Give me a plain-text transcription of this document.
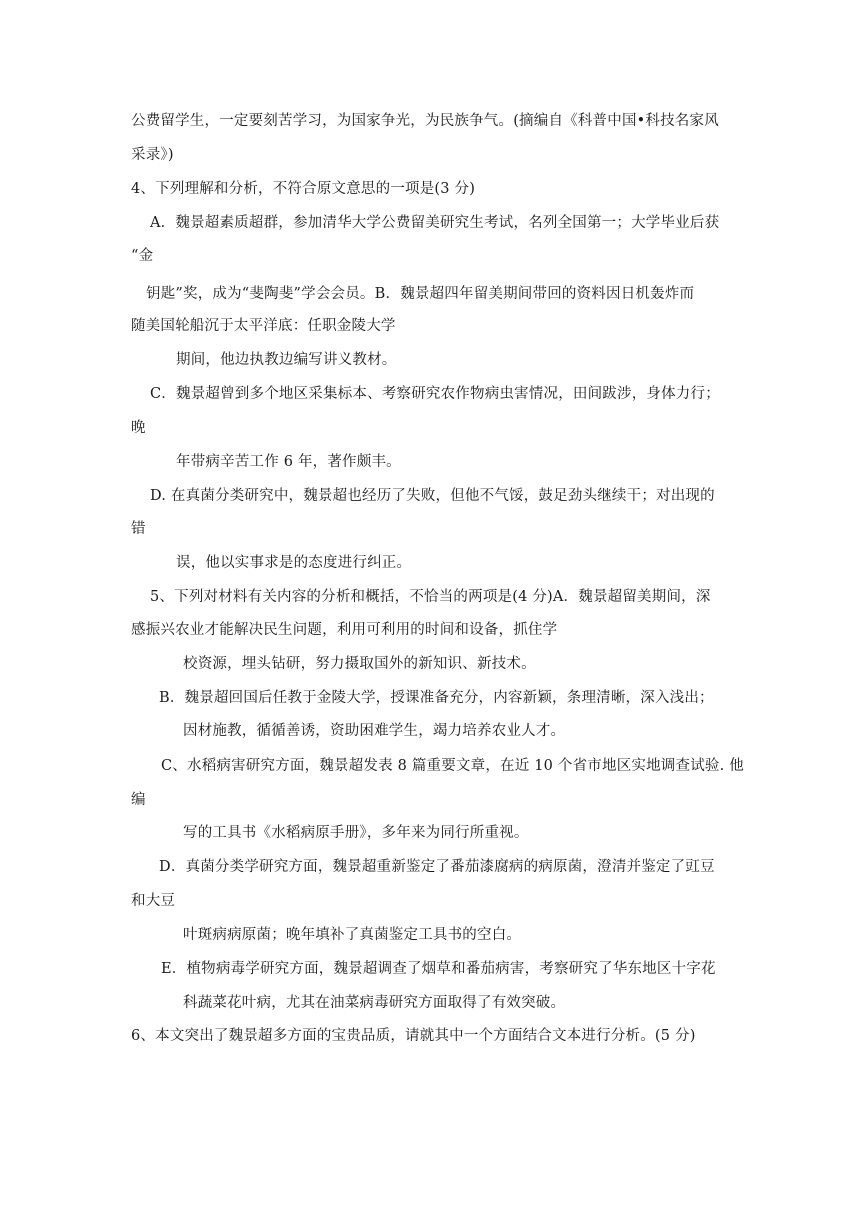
公费留学生，一定要刻苦学习，为国家争光，为民族争气。(摘编自《科普中国•科技名家风
采录》)
4、下列理解和分析，不符合原文意思的一项是(3 分)
A．魏景超素质超群，参加清华大学公费留美研究生考试，名列全国第一；大学毕业后获
“金
钥匙”奖，成为“斐陶斐”学会会员。B．魏景超四年留美期间带回的资料因日机轰炸而
随美国轮船沉于太平洋底：任职金陵大学
期间，他边执教边编写讲义教材。
C．魏景超曾到多个地区采集标本、考察研究农作物病虫害情况，田间跋涉，身体力行；
晚
年带病辛苦工作 6 年，著作颇丰。
D. 在真菌分类研究中，魏景超也经历了失败，但他不气馁，鼓足劲头继续干；对出现的
错
误，他以实事求是的态度进行纠正。
5、下列对材料有关内容的分析和概括，不恰当的两项是(4 分)A．魏景超留美期间，深
感振兴农业才能解决民生问题，利用可利用的时间和设备，抓住学
校资源，埋头钻研，努力摄取国外的新知识、新技术。
B．魏景超回国后任教于金陵大学，授课准备充分，内容新颖，条理清晰，深入浅出；
因材施教，循循善诱，资助困难学生，竭力培养农业人才。
C、水稻病害研究方面，魏景超发表 8 篇重要文章，在近 10 个省市地区实地调查试验. 他
编
写的工具书《水稻病原手册》，多年来为同行所重视。
D．真菌分类学研究方面，魏景超重新鉴定了番茄漆腐病的病原菌，澄清并鉴定了豇豆
和大豆
叶斑病病原菌；晚年填补了真菌鉴定工具书的空白。
E．植物病毒学研究方面，魏景超调查了烟草和番茄病害，考察研究了华东地区十字花
科蔬菜花叶病，尤其在油菜病毒研究方面取得了有效突破。
6、本文突出了魏景超多方面的宝贵品质，请就其中一个方面结合文本进行分析。(5 分)
